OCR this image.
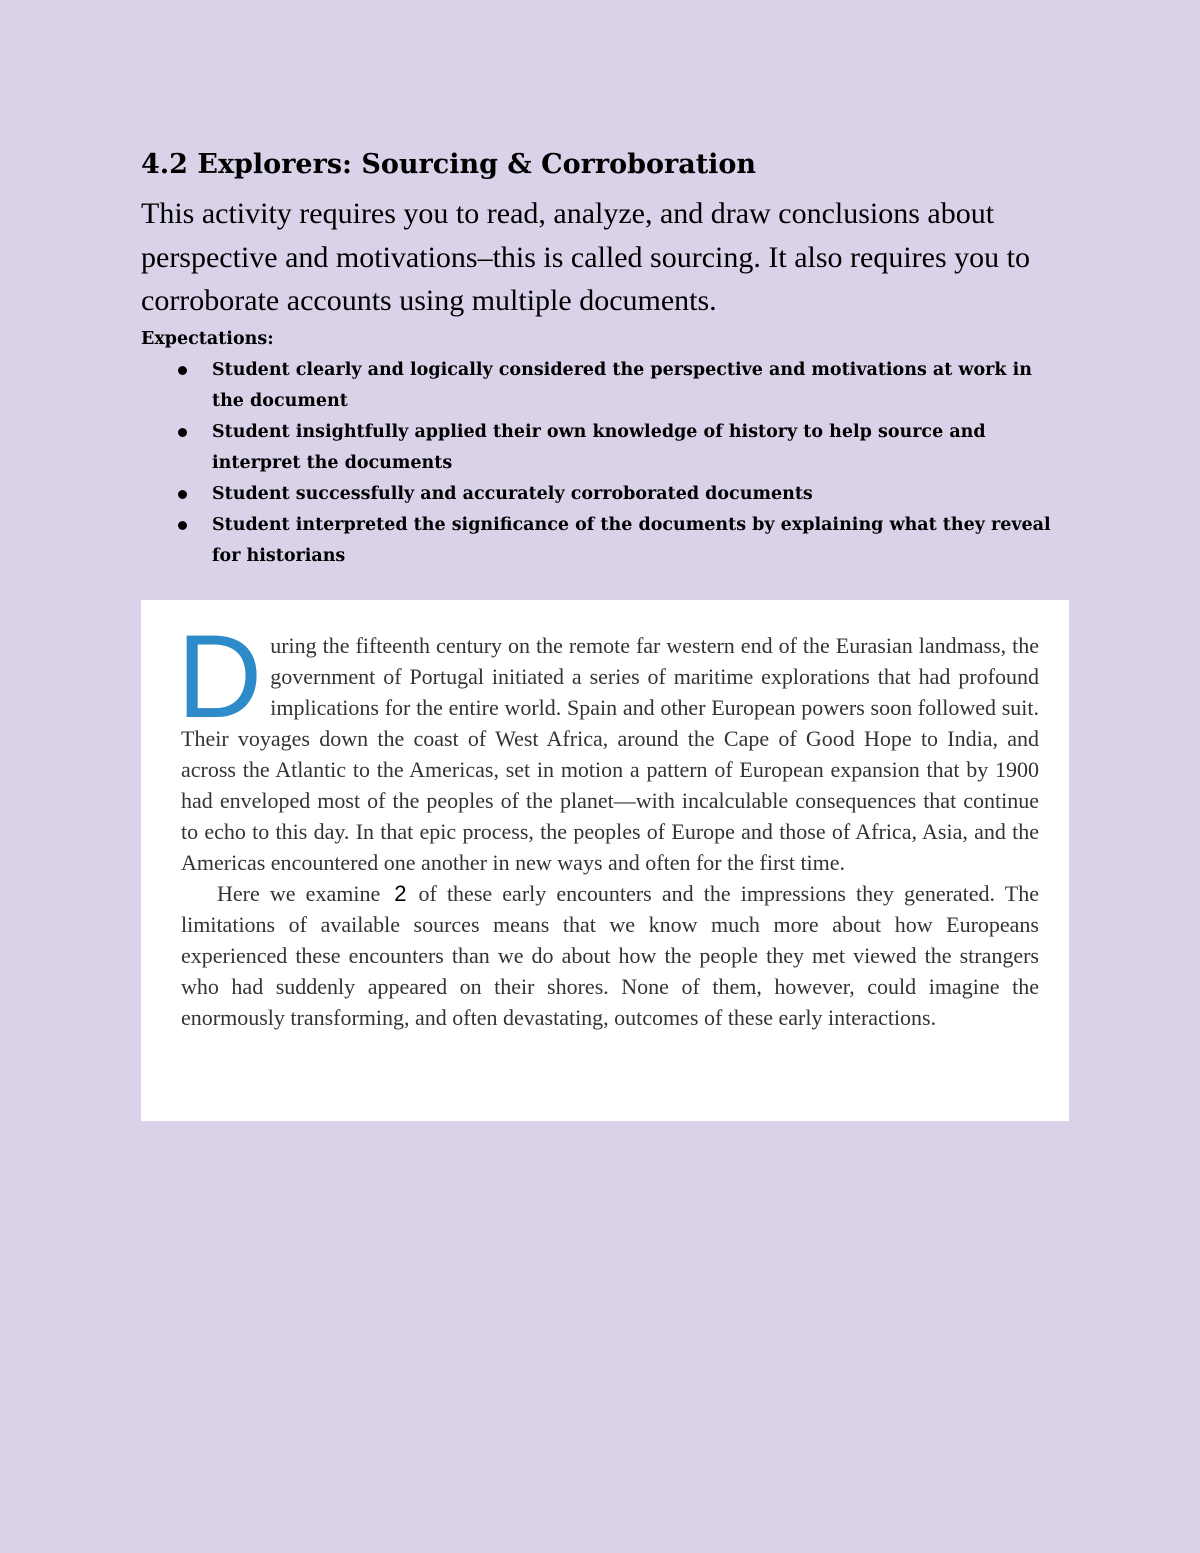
4.2 Explorers: Sourcing & Corroboration

This activity requires you to read, analyze, and draw conclusions about perspective and motivations–this is called sourcing. It also requires you to corroborate accounts using multiple documents.

Expectations:

Student clearly and logically considered the perspective and motivations at work in the document
Student insightfully applied their own knowledge of history to help source and interpret the documents
Student successfully and accurately corroborated documents
Student interpreted the significance of the documents by explaining what they reveal for historians

During the fifteenth century on the remote far western end of the Eurasian landmass, the government of Portugal initiated a series of maritime explorations that had profound implications for the entire world. Spain and other European powers soon followed suit. Their voyages down the coast of West Africa, around the Cape of Good Hope to India, and across the Atlantic to the Americas, set in motion a pattern of European expansion that by 1900 had enveloped most of the peoples of the planet—with incalculable consequences that continue to echo to this day. In that epic process, the peoples of Europe and those of Africa, Asia, and the Americas encountered one another in new ways and often for the first time.

Here we examine 2 of these early encounters and the impressions they generated. The limitations of available sources means that we know much more about how Europeans experienced these encounters than we do about how the people they met viewed the strangers who had suddenly appeared on their shores. None of them, however, could imagine the enormously transforming, and often devastating, outcomes of these early interactions.
